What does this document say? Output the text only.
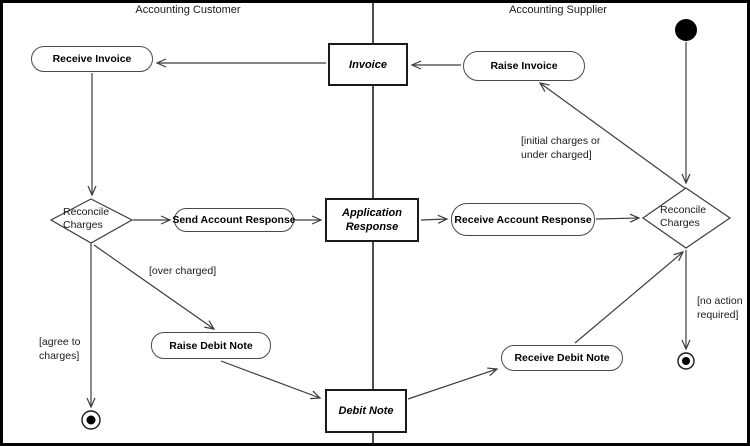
Accounting Customer	Accounting Supplier
Receive Invoice
Raise Invoice
Send Account Response	Receive Account Response
Raise Debit Note
Receive Debit Note
Invoice
Application Response
Debit Note
Reconcile Charges
Reconcile Charges
[initial charges or under charged]
[over charged]
[agree to charges]
[no action required]
